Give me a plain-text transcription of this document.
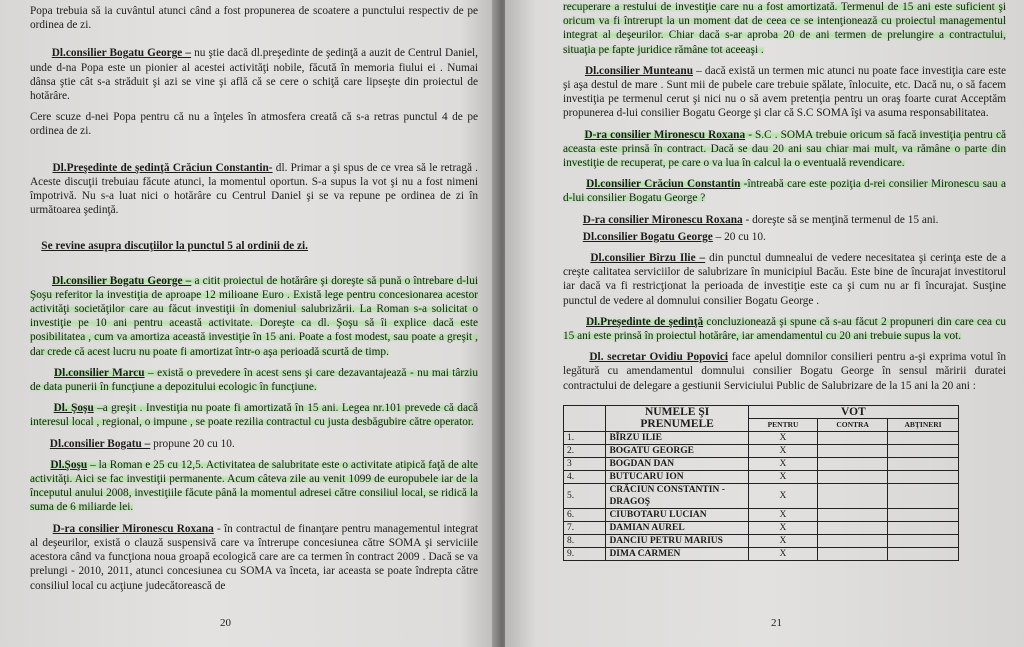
Popa trebuia să ia cuvântul atunci când a fost propunerea de scoatere a punctului respectiv de pe ordinea de zi.

Dl.consilier Bogatu George – nu ştie dacă dl.preşedinte de şedinţă a auzit de Centrul Daniel, unde d-na Popa este un pionier al acestei activităţi nobile, făcută în memoria fiului ei . Numai dânsa ştie cât s-a străduit şi azi se vine şi află că se cere o schiţă care lipseşte din proiectul de hotărâre.

Cere scuze d-nei Popa pentru că nu a înţeles în atmosfera creată că s-a retras punctul 4 de pe ordinea de zi.

Dl.Preşedinte de şedinţă Crăciun Constantin- dl. Primar a şi spus de ce vrea să le retragă . Aceste discuţii trebuiau făcute atunci, la momentul oportun. S-a supus la vot şi nu a fost nimeni împotrivă. Nu s-a luat nici o hotărâre cu Centrul Daniel şi se va repune pe ordinea de zi în următoarea şedinţă.

Se revine asupra discuţiilor la punctul 5 al ordinii de zi.

Dl.consilier Bogatu George – a citit proiectul de hotărâre şi doreşte să pună o întrebare d-lui Şoşu referitor la investiţia de aproape 12 milioane Euro . Există lege pentru concesionarea acestor activităţi societăţilor care au făcut investiţii în domeniul salubrizării. La Roman s-a solicitat o investiţie pe 10 ani pentru această activitate. Doreşte ca dl. Şoşu să îi explice dacă este posibilitatea , cum va amortiza această investiţie în 15 ani. Poate a fost modest, sau poate a greşit , dar crede că acest lucru nu poate fi amortizat într-o aşa perioadă scurtă de timp.

Dl.consilier Marcu – există o prevedere în acest sens şi care dezavantajează - nu mai târziu de data punerii în funcţiune a depozitului ecologic în funcţiune.

Dl. Şoşu –a greşit . Investiţia nu poate fi amortizată în 15 ani. Legea nr.101 prevede că dacă interesul local , regional, o impune , se poate rezilia contractul cu justa desbăgubire către operator.

Dl.consilier Bogatu – propune 20 cu 10.

Dl.Şoşu – la Roman e 25 cu 12,5. Activitatea de salubritate este o activitate atipică faţă de alte activităţi. Aici se fac investiţii permanente. Acum câteva zile au venit 1099 de europubele iar de la începutul anului 2008, investiţiile făcute până la momentul adresei către consiliul local, se ridică la suma de 6 miliarde lei.

D-ra consilier Mironescu Roxana - în contractul de finanţare pentru managementul integrat al deşeurilor, există o clauză suspensivă care va întrerupe concesiunea către SOMA şi serviciile acestora când va funcţiona noua groapă ecologică care are ca termen în contract 2009 . Dacă se va prelungi - 2010, 2011, atunci concesiunea cu SOMA va înceta, iar aceasta se poate îndrepta către consiliul local cu acţiune judecătorească de

20

recuperare a restului de investiţie care nu a fost amortizată. Termenul de 15 ani este suficient şi oricum va fi întrerupt la un moment dat de ceea ce se intenţionează cu proiectul managementul integrat al deşeurilor. Chiar dacă s-ar aproba 20 de ani termen de prelungire a contractului, situaţia pe fapte juridice rămâne tot aceeaşi .

Dl.consilier Munteanu – dacă există un termen mic atunci nu poate face investiţia care este şi aşa destul de mare . Sunt mii de pubele care trebuie spălate, înlocuite, etc. Dacă nu, o să facem investiţia pe termenul cerut şi nici nu o să avem pretenţia pentru un oraş foarte curat Acceptăm propunerea d-lui consilier Bogatu George şi clar că S.C SOMA îşi va asuma responsabilitatea.

D-ra consilier Mironescu Roxana - S.C . SOMA trebuie oricum să facă investiţia pentru că aceasta este prinsă în contract. Dacă se dau 20 ani sau chiar mai mult, va rămâne o parte din investiţie de recuperat, pe care o va lua în calcul la o eventuală revendicare.

Dl.consilier Crăciun Constantin -întreabă care este poziţia d-rei consilier Mironescu sau a d-lui consilier Bogatu George ?

D-ra consilier Mironescu Roxana - doreşte să se menţină termenul de 15 ani.

Dl.consilier Bogatu George – 20 cu 10.

Dl.consilier Bîrzu Ilie – din punctul dumnealui de vedere necesitatea şi cerinţa este de a creşte calitatea serviciilor de salubrizare în municipiul Bacău. Este bine de încurajat investitorul iar dacă va fi restricţionat la perioada de investiţie este ca şi cum nu ar fi încurajat. Susţine punctul de vedere al domnului consilier Bogatu George .

Dl.Preşedinte de şedinţă concluzionează şi spune că s-au făcut 2 propuneri din care cea cu 15 ani este prinsă în proiectul hotărâre, iar amendamentul cu 20 ani trebuie supus la vot.

Dl. secretar Ovidiu Popovici face apelul domnilor consilieri pentru a-şi exprima votul în legătură cu amendamentul domnului consilier Bogatu George în sensul măririi duratei contractului de delegare a gestiunii Serviciului Public de Salubrizare de la 15 ani la 20 ani :

	NUMELE ŞI PRENUMELE	VOT		
		PENTRU	CONTRA	ABŢINERI
1.	BÎRZU ILIE	X		
2.	BOGATU GEORGE	X		
3	BOGDAN DAN	X		
4.	BUTUCARU ION	X		
5.	CRĂCIUN CONSTANTIN -DRAGOŞ	X		
6.	CIUBOTARU LUCIAN	X		
7.	DAMIAN AUREL	X		
8.	DANCIU PETRU MARIUS	X		
9.	DIMA CARMEN	X		
21
